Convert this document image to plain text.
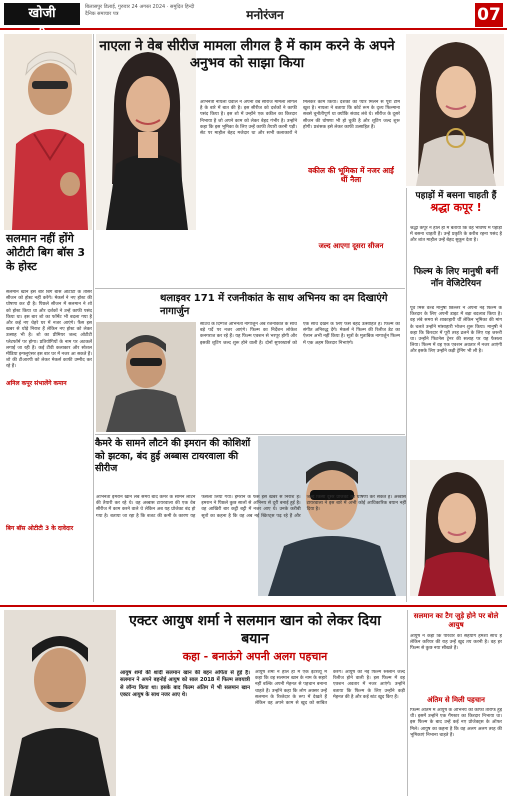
खोजी	बिलासपुर डिलाई, गुरुवार 24 अगस्त 2024 · समुदित हिन्दी दैनिक समाचार पत्र	मनोरंजन	07
नाएला ने वेब सीरीज मामला लीगल है में काम करने के अपने अनुभव को साझा किया
अभिनेत्री नायला ग्रेवाल ने अपनी वेब सीरीज मामला लीगल है के बारे में बात की है। इस सीरीज को दर्शकों ने काफी पसंद किया है। इस शो में उन्होंने एक वकील का किरदार निभाया है जो अपने काम को लेकर बेहद गंभीर है। उन्होंने कहा कि इस भूमिका के लिए उन्हें काफी तैयारी करनी पड़ी। सेट पर माहौल बेहद मजेदार था और सभी कलाकारों ने मिलकर काम किया। दर्शकों का प्यार मिलने से पूरी टीम खुश है। नायला ने बताया कि कोर्ट रूम के दृश्य फिल्माना सबसे चुनौतीपूर्ण था क्योंकि संवाद लंबे थे। सीरीज के दूसरे सीजन की घोषणा भी हो चुकी है और शूटिंग जल्द शुरू होगी। प्रशंसक इसे लेकर काफी उत्साहित हैं।
वकील की भूमिका में नजर आईं थीं नैला
जल्द आएगा दूसरा सीजन
पहाड़ों में बसना चाहती हैं
श्रद्धा कपूर !
श्रद्धा कपूर ने हाल ही में बताया कि वह भविष्य में पहाड़ों में बसना चाहती हैं। उन्हें प्रकृति के करीब रहना पसंद है और शांत माहौल उन्हें बेहद सुकून देता है।
फिल्म के लिए मानुषी बनीं नॉन वेजिटेरियन
पूर्व मिस वर्ल्ड मानुषी छिल्लर ने अपनी नई फिल्म के किरदार के लिए अपनी डाइट में बड़ा बदलाव किया है। वह लंबे समय से शाकाहारी थीं लेकिन भूमिका की मांग के चलते उन्होंने मांसाहारी भोजन शुरू किया। मानुषी ने कहा कि किरदार में पूरी तरह ढलने के लिए यह जरूरी था। उन्होंने फिटनेस ट्रेनर की सलाह पर यह फैसला लिया। फिल्म में वह एक एक्शन अवतार में नजर आएंगी और इसके लिए उन्होंने कड़ी ट्रेनिंग भी ली है।
सलमान नहीं होंगे ओटीटी बिग बॉस 3 के होस्ट
सलमान खान इस बार बिग बॉस ओटीटी के तीसरे सीजन को होस्ट नहीं करेंगे। मेकर्स ने नए होस्ट की घोषणा कर दी है। पिछले सीजन में सलमान ने शो को होस्ट किया था और दर्शकों ने उन्हें काफी पसंद किया था। इस बार शो का फॉर्मेट भी बदला गया है और कई नए चेहरे घर में नजर आएंगे। फैंस इस खबर से थोड़े निराश हैं लेकिन नए होस्ट को लेकर उत्साह भी है। शो का प्रीमियर जल्द ओटीटी प्लेटफॉर्म पर होगा। प्रतियोगियों के नाम पर अटकलें लगाई जा रही हैं। कई टीवी कलाकार और सोशल मीडिया इन्फ्लुएंसर इस बार घर में नजर आ सकते हैं। शो की टीआरपी को लेकर मेकर्स काफी उम्मीद कर रहे हैं।
अनिल कपूर संभालेंगे कमान
बिग बॉस ओटीटी 3 के दावेदार
थलाइवर 171 में रजनीकांत के साथ अभिनय का दम दिखाएंगे नागार्जुन
साउथ के दिग्गज अभिनेता नागार्जुन अब रजनीकांत के साथ बड़े पर्दे पर नजर आएंगे। फिल्म का निर्देशन लोकेश कनगराज कर रहे हैं। यह फिल्म एक्शन से भरपूर होगी और इसकी शूटिंग जल्द शुरू होने वाली है। दोनों सुपरस्टार्स को एक साथ देखने के लिए फैंस बेहद उत्साहित हैं। फिल्म का संगीत अनिरुद्ध देंगे। मेकर्स ने फिल्म की रिलीज डेट का ऐलान अभी नहीं किया है। सूत्रों के मुताबिक नागार्जुन फिल्म में एक अहम किरदार निभाएंगे।
कैमरे के सामने लौटने की इमरान की कोशिशों को झटका, बंद हुई अब्बास टायरवाला की सीरीज
अभिनेता इमरान खान लंबे समय बाद कैमरे के सामने लौटने की तैयारी कर रहे थे। वह अब्बास टायरवाला की एक वेब सीरीज में काम करने वाले थे लेकिन अब यह प्रोजेक्ट बंद हो गया है। बताया जा रहा है कि बजट की कमी के कारण यह फैसला लिया गया। इमरान के फैंस इस खबर से निराश हैं। इमरान ने पिछले कुछ सालों से अभिनय से दूरी बनाई हुई है। वह आखिरी बार कट्टी बट्टी में नजर आए थे। उनके करीबी सूत्रों का कहना है कि वह अब नई स्क्रिप्ट्स पढ़ रहे हैं और जल्द किसी दूसरे प्रोजेक्ट की घोषणा कर सकते हैं। अब्बास टायरवाला ने इस बारे में अभी कोई आधिकारिक बयान नहीं दिया है।
एक्टर आयुष शर्मा ने सलमान खान को लेकर दिया बयान
कहा - बनाऊंगे अपनी अलग पहचान
आयुष शर्मा की शादी सलमान खान की बहन अर्पिता से हुई है। सलमान ने अपने बहनोई आयुष को साल 2018 में फिल्म लवयात्री से लॉन्च किया था। इसके बाद फिल्म अंतिम में भी सलमान खान एक्टर आयुष के साथ नजर आए थे।
आयुष शर्मा ने हाल ही में एक इंटरव्यू में कहा कि वह सलमान खान के नाम के सहारे नहीं बल्कि अपनी मेहनत से पहचान बनाना चाहते हैं। उन्होंने कहा कि लोग अक्सर उन्हें सलमान के रिश्तेदार के रूप में देखते हैं लेकिन वह अपने काम से खुद को साबित करेंगे। आयुष की नई फिल्म रुस्लान जल्द रिलीज होने वाली है। इस फिल्म में वह एक्शन अवतार में नजर आएंगे। उन्होंने बताया कि फिल्म के लिए उन्होंने कड़ी मेहनत की है और कई स्टंट खुद किए हैं।
सलमान का टैग जुड़े होने पर बोले आयुष
आयुष ने कहा कि परिवार का सहयोग हमेशा साथ है लेकिन करियर की राह उन्हें खुद तय करनी है। वह हर फिल्म से कुछ नया सीखते हैं।
अंतिम से मिली पहचान
फिल्म अंतिम में आयुष के अभिनय की काफी तारीफ हुई थी। इसमें उन्होंने एक गैंगस्टर का किरदार निभाया था। इस फिल्म के बाद उन्हें कई नए प्रोजेक्ट्स के ऑफर मिले। आयुष का कहना है कि वह अलग अलग तरह की भूमिकाएं निभाना चाहते हैं।
